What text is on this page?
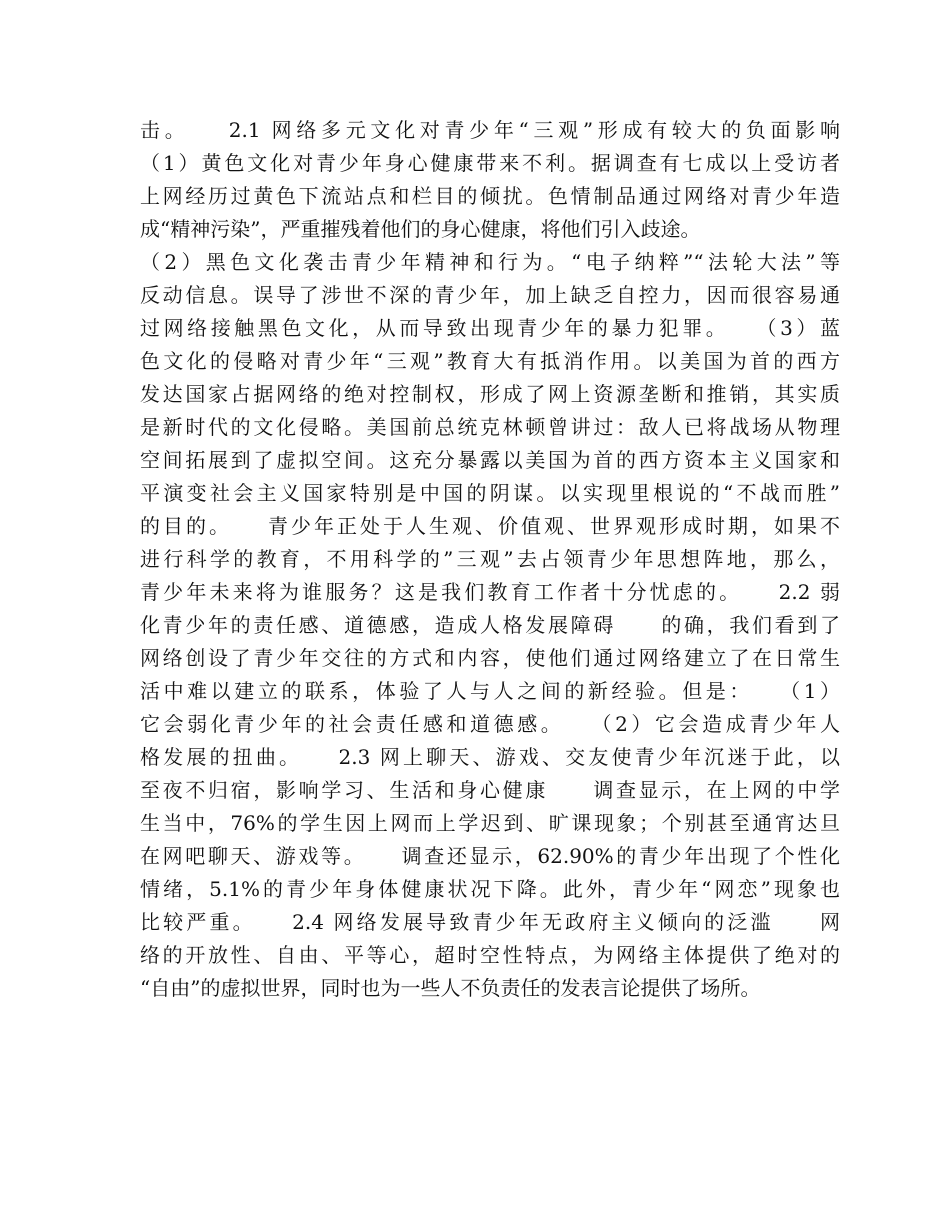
击。　　2.1 网络多元文化对青少年“三观”形成有较大的负面影响
（1）黄色文化对青少年身心健康带来不利。据调查有七成以上受访者
上网经历过黄色下流站点和栏目的倾扰。色情制品通过网络对青少年造
成“精神污染”，严重摧残着他们的身心健康，将他们引入歧途。
（2）黑色文化袭击青少年精神和行为。“电子纳粹”“法轮大法”等
反动信息。误导了涉世不深的青少年，加上缺乏自控力，因而很容易通
过网络接触黑色文化，从而导致出现青少年的暴力犯罪。　　（3）蓝
色文化的侵略对青少年“三观”教育大有抵消作用。以美国为首的西方
发达国家占据网络的绝对控制权，形成了网上资源垄断和推销，其实质
是新时代的文化侵略。美国前总统克林顿曾讲过：敌人已将战场从物理
空间拓展到了虚拟空间。这充分暴露以美国为首的西方资本主义国家和
平演变社会主义国家特别是中国的阴谋。以实现里根说的“不战而胜”
的目的。　　青少年正处于人生观、价值观、世界观形成时期，如果不
进行科学的教育，不用科学的”三观”去占领青少年思想阵地，那么，
青少年未来将为谁服务？这是我们教育工作者十分忧虑的。　　2.2 弱
化青少年的责任感、道德感，造成人格发展障碍　　的确，我们看到了
网络创设了青少年交往的方式和内容，使他们通过网络建立了在日常生
活中难以建立的联系，体验了人与人之间的新经验。但是：　　（1）
它会弱化青少年的社会责任感和道德感。　　（2）它会造成青少年人
格发展的扭曲。　　2.3 网上聊天、游戏、交友使青少年沉迷于此，以
至夜不归宿，影响学习、生活和身心健康　　调查显示，在上网的中学
生当中，76%的学生因上网而上学迟到、旷课现象；个别甚至通宵达旦
在网吧聊天、游戏等。　　调查还显示，62.90%的青少年出现了个性化
情绪，5.1%的青少年身体健康状况下降。此外，青少年“网恋”现象也
比较严重。　　2.4 网络发展导致青少年无政府主义倾向的泛滥　　网
络的开放性、自由、平等心，超时空性特点，为网络主体提供了绝对的
“自由”的虚拟世界，同时也为一些人不负责任的发表言论提供了场所。
